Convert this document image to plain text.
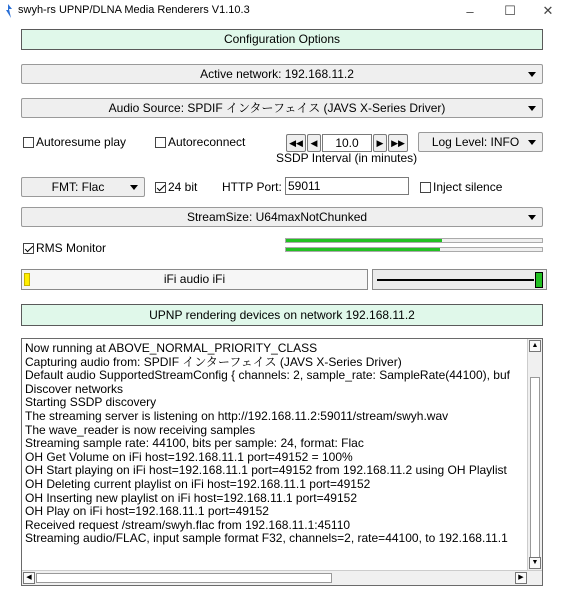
swyh-rs UPNP/DLNA Media Renderers V1.10.3	– ☐ ✕
Configuration Options
Active network: 192.168.11.2
Audio Source: SPDIF インターフェイス (JAVS X-Series Driver)
Autoresume play	Autoreconnect	◀◀ ◀	10.0	▶ ▶▶
SSDP Interval (in minutes)
Log Level: INFO
FMT: Flac	24 bit HTTP Port: 59011	Inject silence
StreamSize: U64maxNotChunked
RMS Monitor
iFi audio iFi
UPNP rendering devices on network 192.168.11.2
Now running at ABOVE_NORMAL_PRIORITY_CLASS
Capturing audio from: SPDIF インターフェイス (JAVS X-Series Driver)
Default audio SupportedStreamConfig { channels: 2, sample_rate: SampleRate(44100), buf
Discover networks
Starting SSDP discovery
The streaming server is listening on http://192.168.11.2:59011/stream/swyh.wav
The wave_reader is now receiving samples
Streaming sample rate: 44100, bits per sample: 24, format: Flac
OH Get Volume on iFi host=192.168.11.1 port=49152 = 100%
OH Start playing on iFi host=192.168.11.1 port=49152 from 192.168.11.2 using OH Playlist
OH Deleting current playlist on iFi host=192.168.11.1 port=49152
OH Inserting new playlist on iFi host=192.168.11.1 port=49152
OH Play on iFi host=192.168.11.1 port=49152
Received request /stream/swyh.flac from 192.168.11.1:45110
Streaming audio/FLAC, input sample format F32, channels=2, rate=44100, to 192.168.11.1
▲
▼
◀	▶
